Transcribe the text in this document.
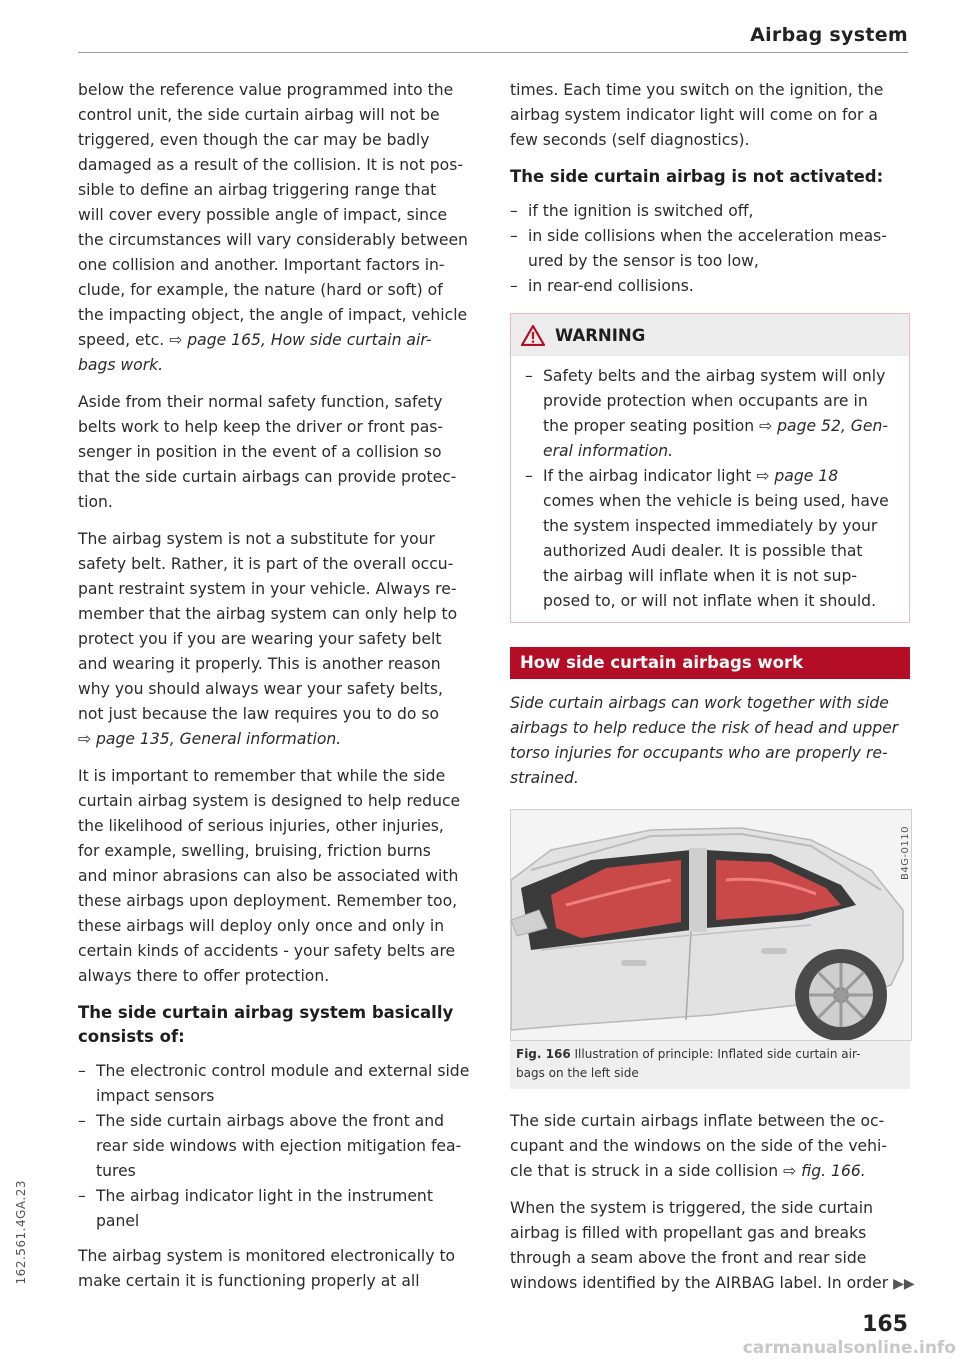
Airbag system

below the reference value programmed into the
control unit, the side curtain airbag will not be
triggered, even though the car may be badly
damaged as a result of the collision. It is not pos-
sible to define an airbag triggering range that
will cover every possible angle of impact, since
the circumstances will vary considerably between
one collision and another. Important factors in-
clude, for example, the nature (hard or soft) of
the impacting object, the angle of impact, vehicle
speed, etc. ⇨ page 165, How side curtain air-
bags work.

Aside from their normal safety function, safety
belts work to help keep the driver or front pas-
senger in position in the event of a collision so
that the side curtain airbags can provide protec-
tion.

The airbag system is not a substitute for your
safety belt. Rather, it is part of the overall occu-
pant restraint system in your vehicle. Always re-
member that the airbag system can only help to
protect you if you are wearing your safety belt
and wearing it properly. This is another reason
why you should always wear your safety belts,
not just because the law requires you to do so
⇨ page 135, General information.

It is important to remember that while the side
curtain airbag system is designed to help reduce
the likelihood of serious injuries, other injuries,
for example, swelling, bruising, friction burns
and minor abrasions can also be associated with
these airbags upon deployment. Remember too,
these airbags will deploy only once and only in
certain kinds of accidents - your safety belts are
always there to offer protection.

The side curtain airbag system basically
consists of:
– The electronic control module and external side
impact sensors
– The side curtain airbags above the front and
rear side windows with ejection mitigation fea-
tures
– The airbag indicator light in the instrument
panel

The airbag system is monitored electronically to
make certain it is functioning properly at all

times. Each time you switch on the ignition, the
airbag system indicator light will come on for a
few seconds (self diagnostics).

The side curtain airbag is not activated:
– if the ignition is switched off,
– in side collisions when the acceleration meas-
ured by the sensor is too low,
– in rear-end collisions.
WARNING
– Safety belts and the airbag system will only
provide protection when occupants are in
the proper seating position ⇨ page 52, Gen-
eral information.
– If the airbag indicator light ⇨ page 18
comes when the vehicle is being used, have
the system inspected immediately by your
authorized Audi dealer. It is possible that
the airbag will inflate when it is not sup-
posed to, or will not inflate when it should.
How side curtain airbags work

Side curtain airbags can work together with side
airbags to help reduce the risk of head and upper
torso injuries for occupants who are properly re-
strained.

B4G-0110
Fig. 166 Illustration of principle: Inflated side curtain air-
bags on the left side

The side curtain airbags inflate between the oc-
cupant and the windows on the side of the vehi-
cle that is struck in a side collision ⇨ fig. 166.

When the system is triggered, the side curtain
airbag is filled with propellant gas and breaks
through a seam above the front and rear side
windows identified by the AIRBAG label. In order ▶▶

162.561.4GA.23
165
carmanualsonline.info
